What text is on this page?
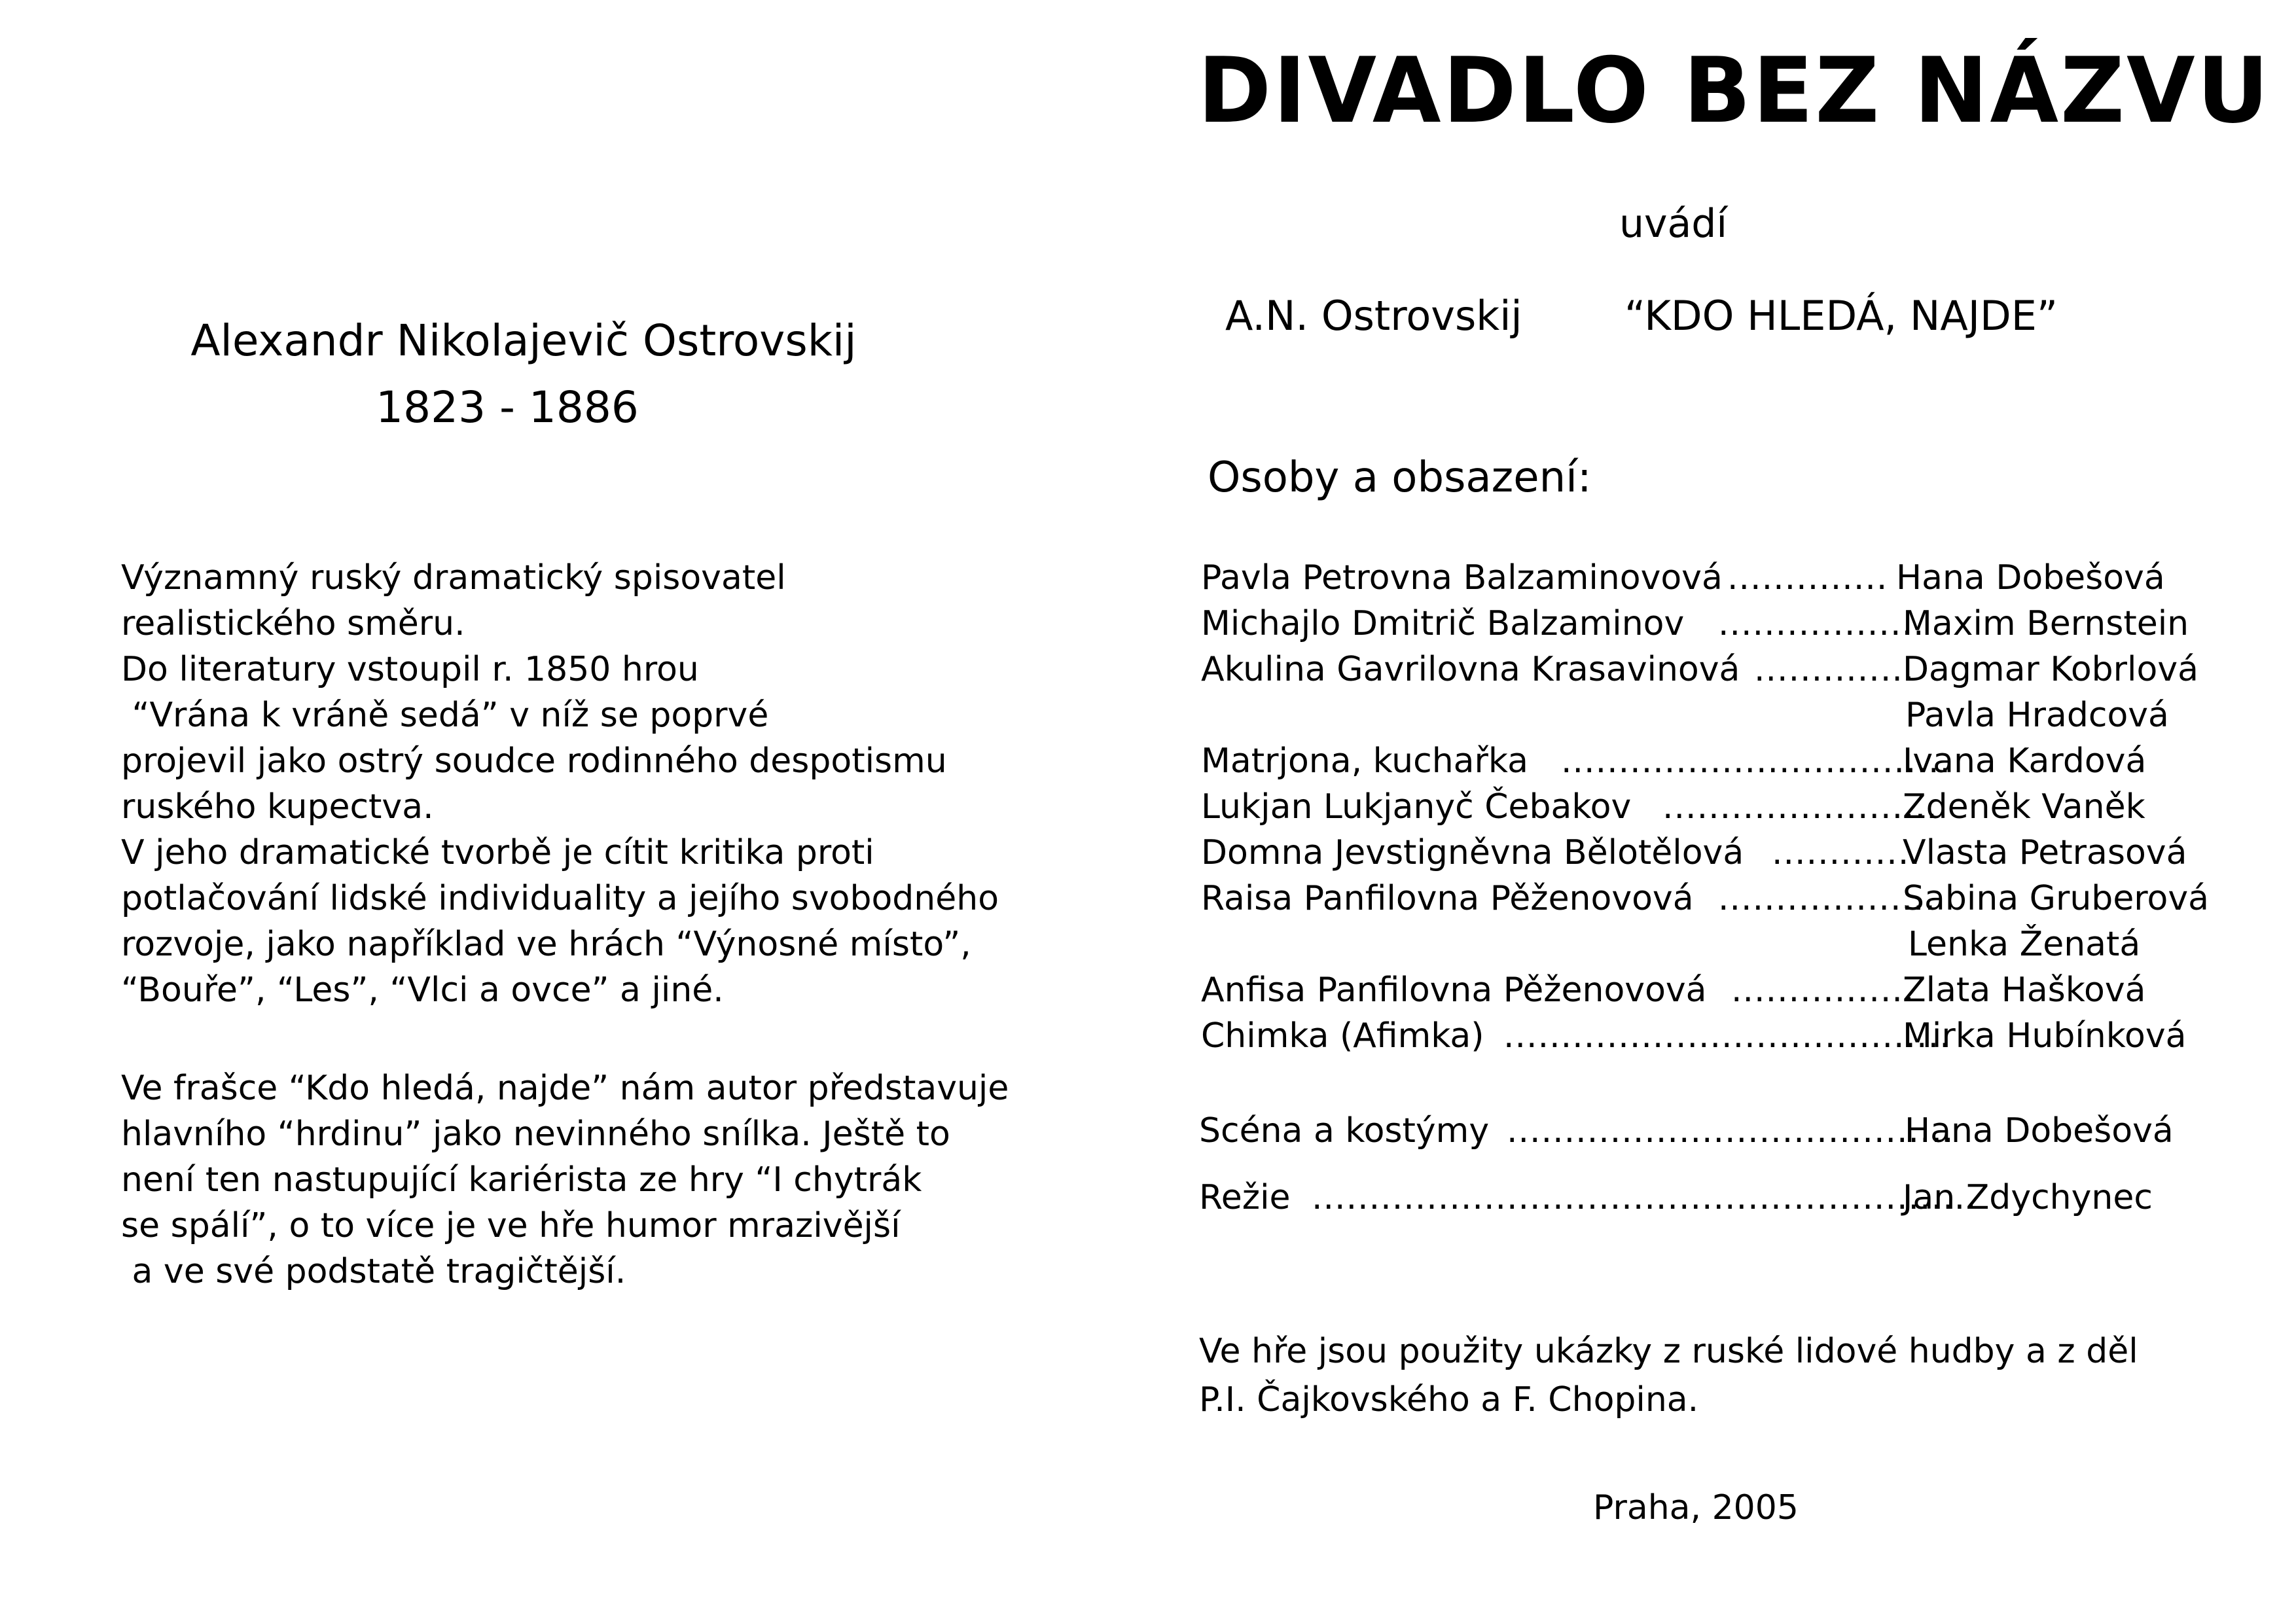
Alexandr Nikolajevič Ostrovskij
1823 - 1886
Významný ruský dramatický spisovatel
realistického směru.
Do literatury vstoupil r. 1850 hrou
“Vrána k vráně sedá” v níž se poprvé
projevil jako ostrý soudce rodinného despotismu
ruského kupectva.
V jeho dramatické tvorbě je cítit kritika proti
potlačování lidské individuality a jejího svobodného
rozvoje, jako například ve hrách “Výnosné místo”,
“Bouře”, “Les”, “Vlci a ovce” a jiné.
Ve frašce “Kdo hledá, najde” nám autor představuje
hlavního “hrdinu” jako nevinného snílka. Ještě to
není ten nastupující kariérista ze hry “I chytrák
se spálí”, o to více je ve hře humor mrazivější
a ve své podstatě tragičtější.
DIVADLO BEZ NÁZVU
uvádí
A.N. Ostrovskij	“KDO HLEDÁ, NAJDE”
Osoby a obsazení:
Pavla Petrovna Balzaminovová .............. Hana Dobešová
Michajlo Dmitrič Balzaminov ..................
Maxim Bernstein
Akulina Gavrilovna Krasavinová ..............
Dagmar Kobrlová
Pavla Hradcová
Matrjona, kuchařka ..................................
Ivana Kardová
Lukjan Lukjanyč Čebakov ........................
Zdeněk Vaněk
Domna Jevstigněvna Bělotělová .............
Vlasta Petrasová
Raisa Panfilovna Pěženovová ...................
Sabina Gruberová
Lenka Ženatá
Anfisa Panfilovna Pěženovová ................
Zlata Hašková
Chimka (Afimka) .......................................
Mirka Hubínková
Scéna a kostýmy .......................................
Hana Dobešová
Režie ..........................................................
Jan Zdychynec
Ve hře jsou použity ukázky z ruské lidové hudby a z děl
P.I. Čajkovského a F. Chopina.
Praha, 2005
